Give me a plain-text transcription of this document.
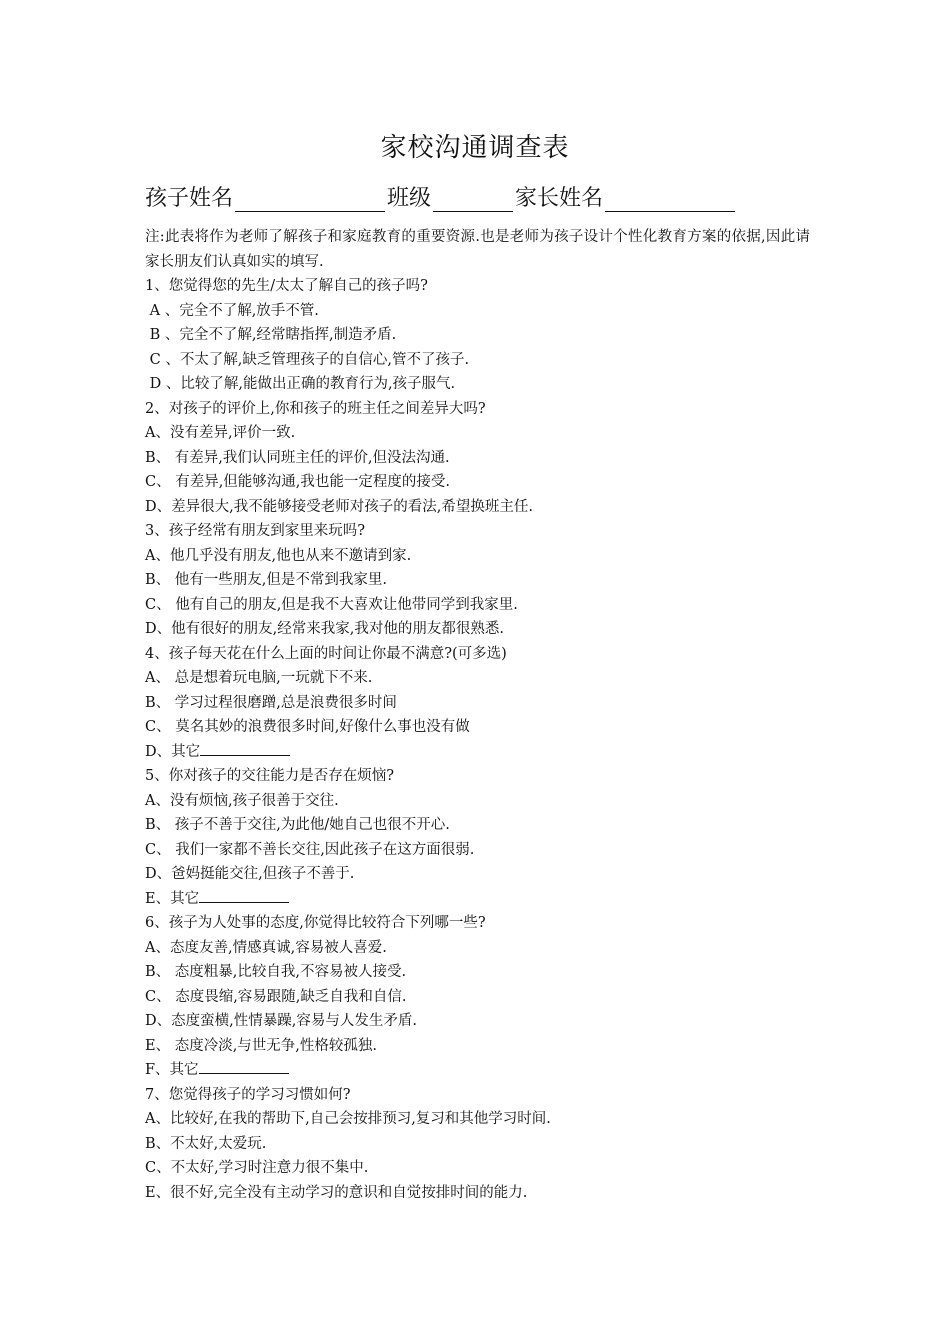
家校沟通调查表
孩子姓名	班级	家长姓名

注:此表将作为老师了解孩子和家庭教育的重要资源.也是老师为孩子设计个性化教育方案的依据,因此请家长朋友们认真如实的填写.

1、您觉得您的先生/太太了解自己的孩子吗?
A 、完全不了解,放手不管.
B 、完全不了解,经常瞎指挥,制造矛盾.
C 、不太了解,缺乏管理孩子的自信心,管不了孩子.
D 、比较了解,能做出正确的教育行为,孩子服气.
2、对孩子的评价上,你和孩子的班主任之间差异大吗?
A、没有差异,评价一致.
B、 有差异,我们认同班主任的评价,但没法沟通.
C、 有差异,但能够沟通,我也能一定程度的接受.
D、差异很大,我不能够接受老师对孩子的看法,希望换班主任.
3、孩子经常有朋友到家里来玩吗?
A、他几乎没有朋友,他也从来不邀请到家.
B、 他有一些朋友,但是不常到我家里.
C、 他有自己的朋友,但是我不大喜欢让他带同学到我家里.
D、他有很好的朋友,经常来我家,我对他的朋友都很熟悉.
4、孩子每天花在什么上面的时间让你最不满意?(可多选)
A、 总是想着玩电脑,一玩就下不来.
B、 学习过程很磨蹭,总是浪费很多时间
C、 莫名其妙的浪费很多时间,好像什么事也没有做
D、其它
5、你对孩子的交往能力是否存在烦恼?
A、没有烦恼,孩子很善于交往.
B、 孩子不善于交往,为此他/她自己也很不开心.
C、 我们一家都不善长交往,因此孩子在这方面很弱.
D、爸妈挺能交往,但孩子不善于.
E、其它
6、孩子为人处事的态度,你觉得比较符合下列哪一些?
A、态度友善,情感真诚,容易被人喜爱.
B、 态度粗暴,比较自我,不容易被人接受.
C、 态度畏缩,容易跟随,缺乏自我和自信.
D、态度蛮横,性情暴躁,容易与人发生矛盾.
E、 态度冷淡,与世无争,性格较孤独.
F、其它
7、您觉得孩子的学习习惯如何?
A、比较好,在我的帮助下,自己会按排预习,复习和其他学习时间.
B、不太好,太爱玩.
C、不太好,学习时注意力很不集中.
E、很不好,完全没有主动学习的意识和自觉按排时间的能力.
